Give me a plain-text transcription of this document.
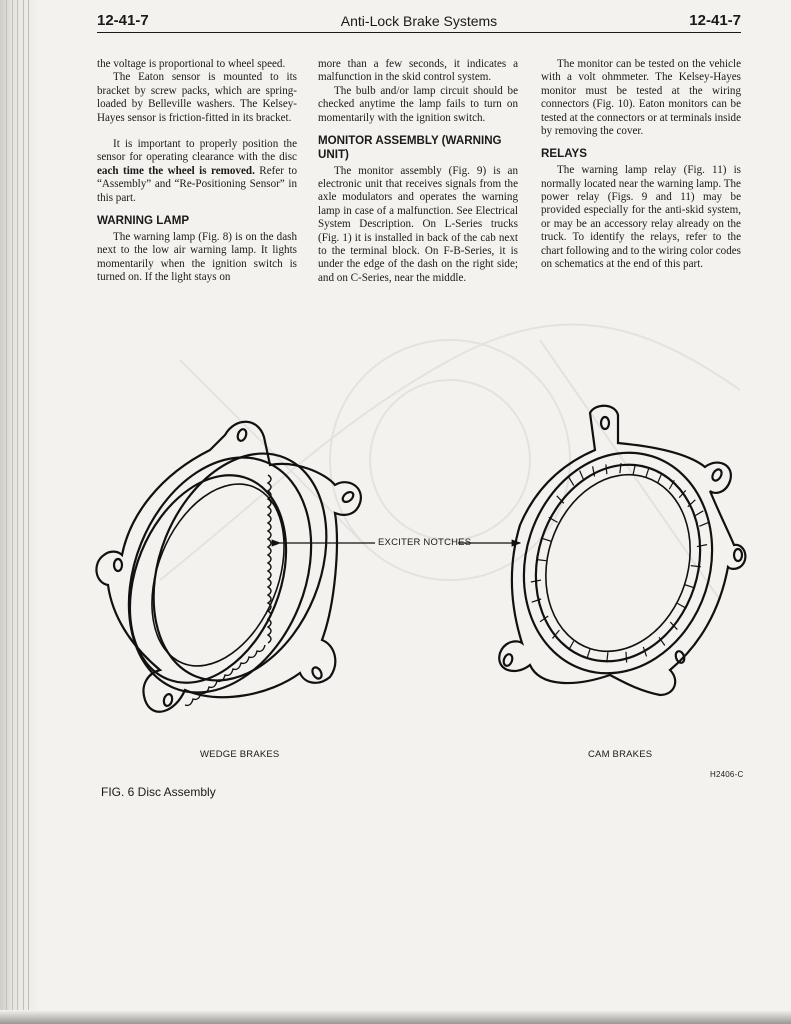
12-41-7	Anti-Lock Brake Systems	12-41-7

the voltage is proportional to wheel speed.

The Eaton sensor is mounted to its bracket by screw packs, which are spring-loaded by Belleville washers. The Kelsey-Hayes sensor is friction-fitted in its bracket.

It is important to properly position the sensor for operating clearance with the disc each time the wheel is removed. Refer to “Assembly” and “Re-Positioning Sensor” in this part.

WARNING LAMP

The warning lamp (Fig. 8) is on the dash next to the low air warning lamp. It lights momentarily when the ignition switch is turned on. If the light stays on

more than a few seconds, it indicates a malfunction in the skid control system.

The bulb and/or lamp circuit should be checked anytime the lamp fails to turn on momentarily with the ignition switch.

MONITOR ASSEMBLY (WARNING UNIT)

The monitor assembly (Fig. 9) is an electronic unit that receives signals from the axle modulators and operates the warning lamp in case of a malfunction. See Electrical System Description. On L-Series trucks (Fig. 1) it is installed in back of the cab next to the terminal block. On F-B-Series, it is under the edge of the dash on the right side; and on C-Series, near the middle.

The monitor can be tested on the vehicle with a volt ohmmeter. The Kelsey-Hayes monitor must be tested at the wiring connectors (Fig. 10). Eaton monitors can be tested at the connectors or at terminals inside by removing the cover.

RELAYS

The warning lamp relay (Fig. 11) is normally located near the warning lamp. The power relay (Figs. 9 and 11) may be provided especially for the anti-skid system, or may be an accessory relay already on the truck. To identify the relays, refer to the chart following and to the wiring color codes on schematics at the end of this part.

EXCITER NOTCHES
WEDGE BRAKES	CAM BRAKES
H2406-C
FIG. 6 Disc Assembly
